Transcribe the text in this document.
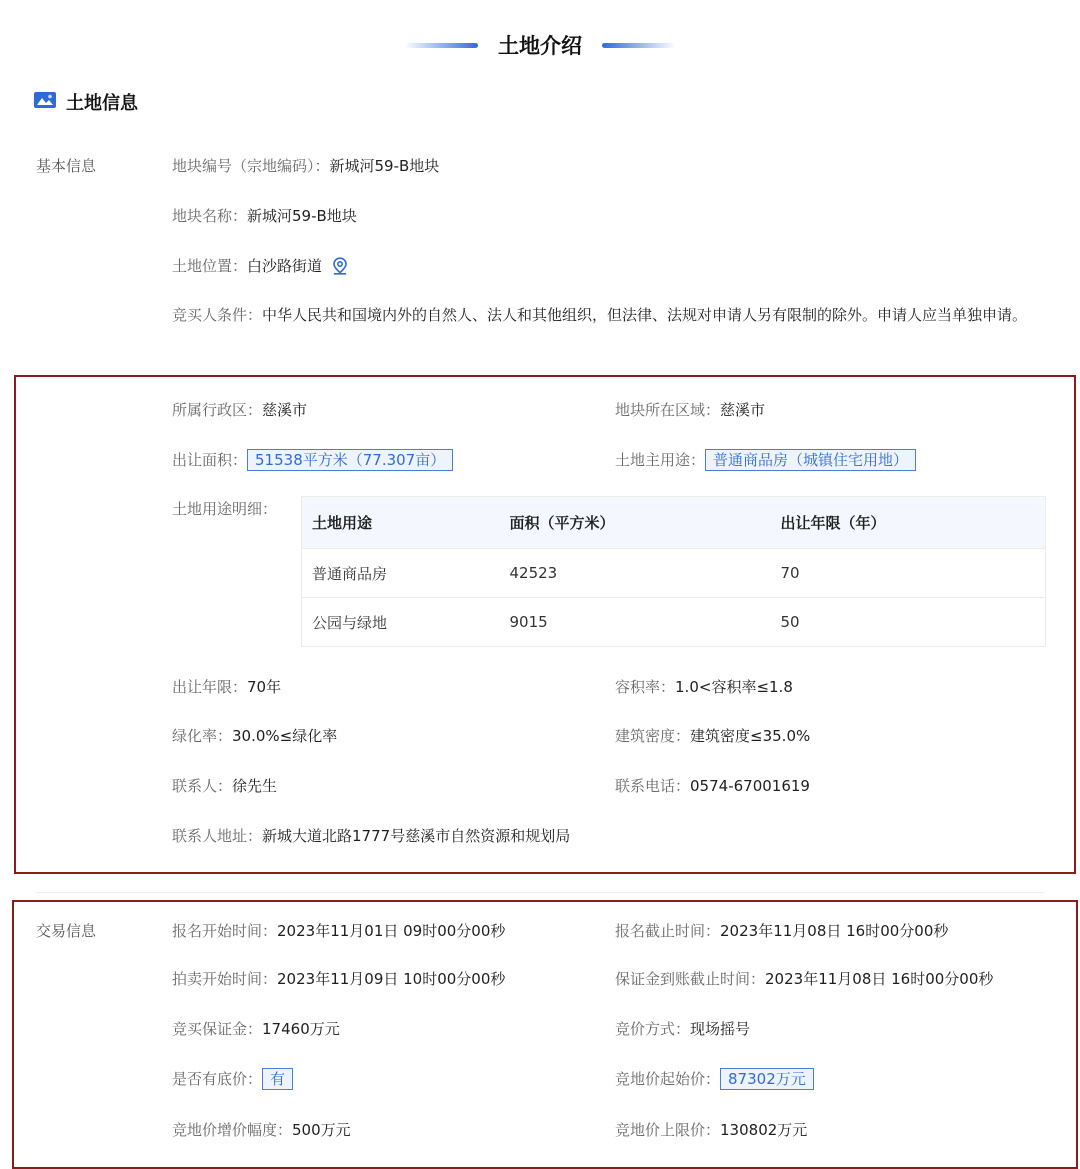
土地介绍
土地信息
基本信息	地块编号（宗地编码）：新城河59-B地块
地块名称：新城河59-B地块
土地位置： 白沙路街道
竞买人条件： 中华人民共和国境内外的自然人、法人和其他组织，但法律、法规对申请人另有限制的除外。申请人应当单独申请。
所属行政区：慈溪市	地块所在区域：慈溪市
出让面积： 51538平方米（77.307亩）	土地主用途： 普通商品房（城镇住宅用地）
土地用途明细：
土地用途	面积（平方米）	出让年限（年）
普通商品房	42523	70
公园与绿地	9015	50
出让年限：70年	容积率：1.0<容积率≤1.8
绿化率：30.0%≤绿化率	建筑密度：建筑密度≤35.0%
联系人：徐先生	联系电话：0574-67001619
联系人地址： 新城大道北路1777号慈溪市自然资源和规划局
交易信息	报名开始时间：2023年11月01日 09时00分00秒	报名截止时间：2023年11月08日 16时00分00秒
拍卖开始时间：2023年11月09日 10时00分00秒	保证金到账截止时间：2023年11月08日 16时00分00秒
竞买保证金：17460万元	竞价方式：现场摇号
是否有底价： 有	竞地价起始价： 87302万元
竞地价增价幅度：500万元	竞地价上限价：130802万元
